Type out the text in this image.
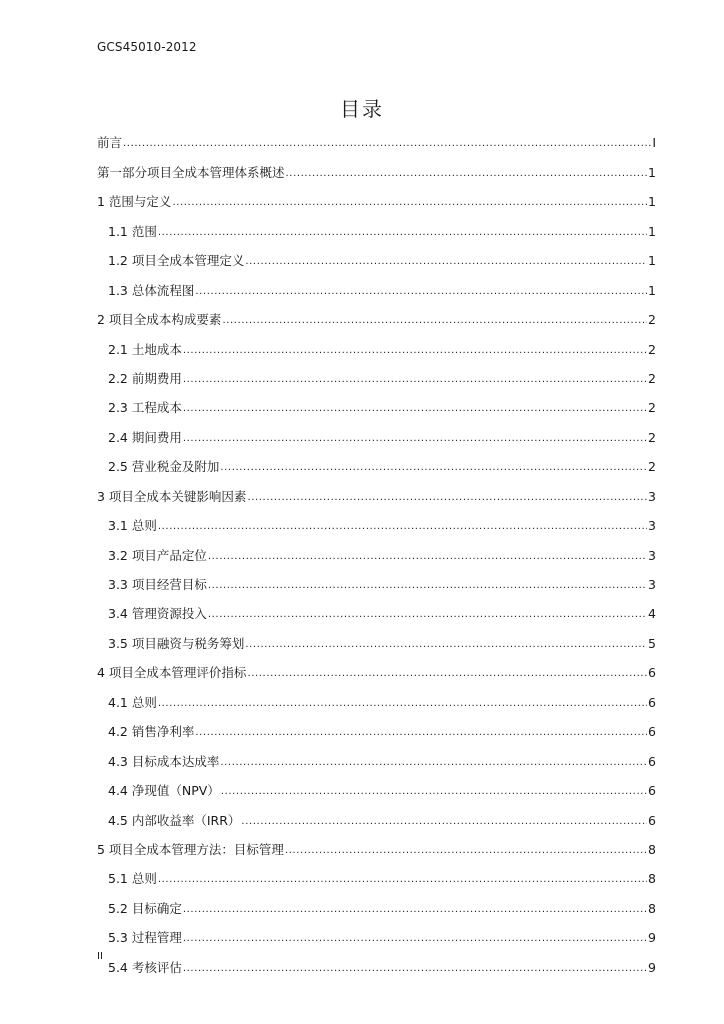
GCS45010-2012
目录
前言 .....	I
第一部分项目全成本管理体系概述 .....	1
1 范围与定义 .....	1
1.1 范围 .....	1
1.2 项目全成本管理定义 .....	1
1.3 总体流程图 .....	1
2 项目全成本构成要素 .....	2
2.1 土地成本 .....	2
2.2 前期费用 .....	2
2.3 工程成本 .....	2
2.4 期间费用 .....	2
2.5 营业税金及附加 .....	2
3 项目全成本关键影响因素 .....	3
3.1 总则 .....	3
3.2 项目产品定位 .....	3
3.3 项目经营目标 .....	3
3.4 管理资源投入 .....	4
3.5 项目融资与税务筹划 .....	5
4 项目全成本管理评价指标 .....	6
4.1 总则 .....	6
4.2 销售净利率 .....	6
4.3 目标成本达成率 .....	6
4.4 净现值（NPV） .....	6
4.5 内部收益率（IRR） .....	6
5 项目全成本管理方法：目标管理 .....	8
5.1 总则 .....	8
5.2 目标确定 .....	8
5.3 过程管理 .....	9
5.4 考核评估 .....	9
II
